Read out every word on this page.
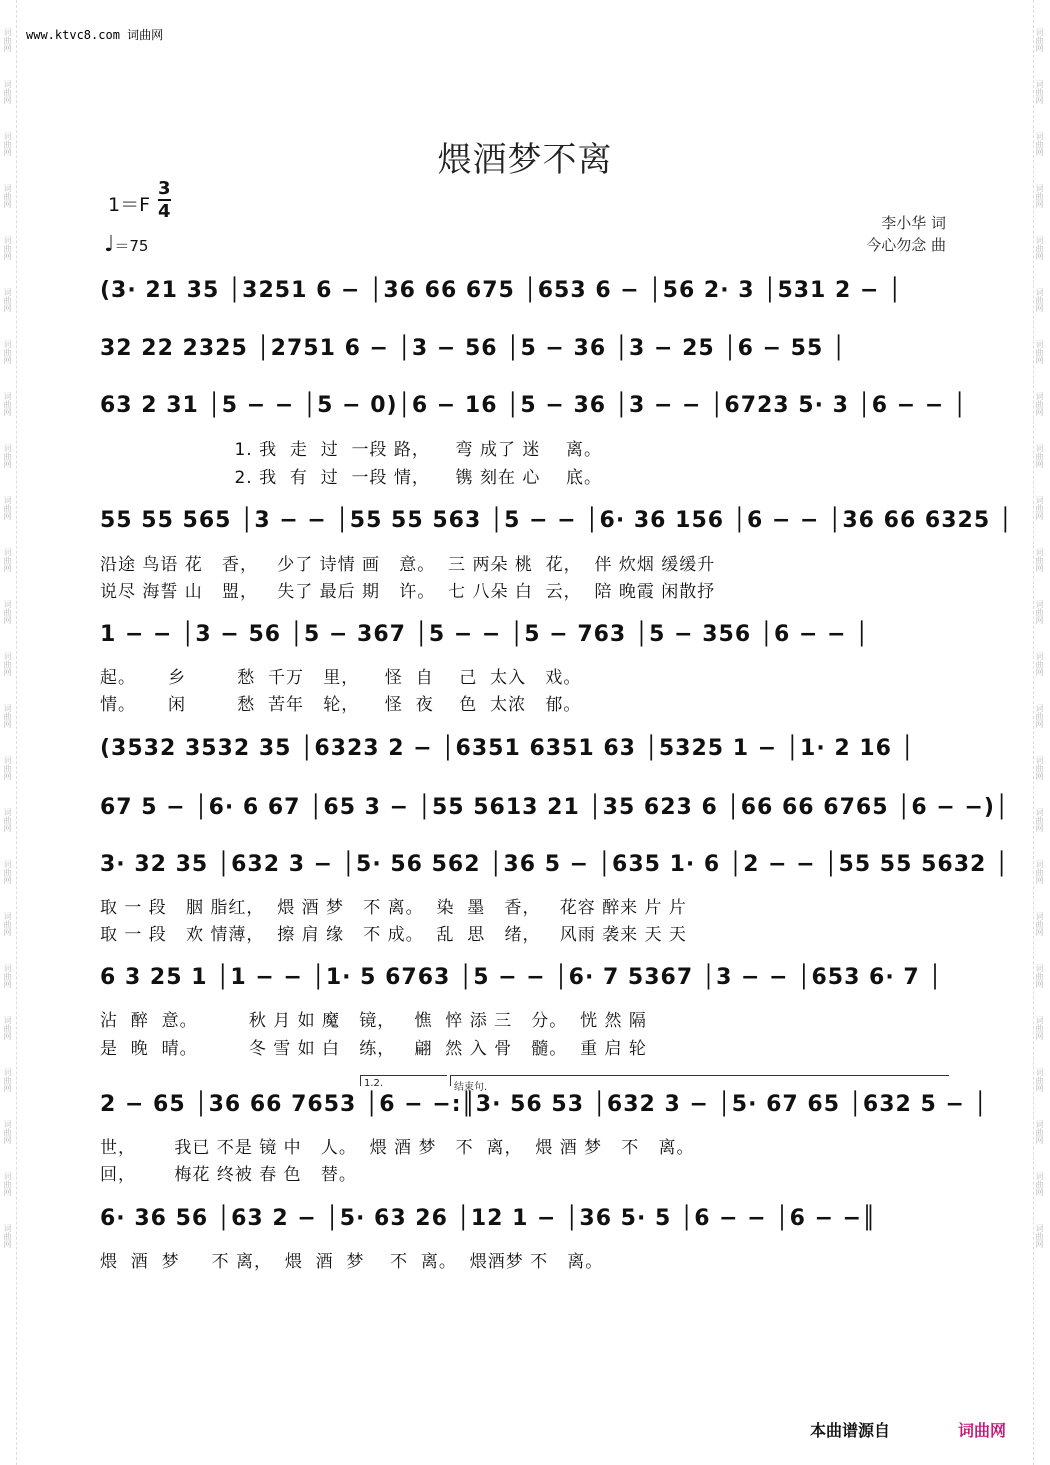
词曲网
词曲网
词曲网
词曲网
词曲网
词曲网
词曲网
词曲网
词曲网
词曲网
词曲网
词曲网
词曲网
词曲网
词曲网
词曲网
词曲网
词曲网
词曲网
词曲网
词曲网
词曲网
词曲网
词曲网
词曲网
词曲网
词曲网
词曲网
词曲网
词曲网
词曲网
词曲网
词曲网
词曲网
词曲网
词曲网
词曲网
词曲网
词曲网
词曲网
词曲网
词曲网
词曲网
词曲网
词曲网
词曲网
词曲网
词曲网
www.ktvc8.com 词曲网
煨酒梦不离
1＝F
3
4
♩＝75
李小华 词
今心勿念 曲
(3· 21 35 │3251 6 − │36 66 675 │653 6 − │56 2· 3 │531 2 − │
32 22 2325 │2751 6 − │3 − 56 │5 − 36 │3 − 25 │6 − 55 │
63 2 31 │5 − − │5 − 0)│6 − 16 │5 − 36 │3 − − │6723 5· 3 │6 − − │
1. 我  走  过  一段 路，    弯 成了 迷    离。
2. 我  有  过  一段 情，    镌 刻在 心    底。
55 55 565 │3 − − │55 55 563 │5 − − │6· 36 156 │6 − − │36 66 6325 │
沿途 鸟语 花   香，   少了 诗情 画   意。  三 两朵 桃  花，  伴 炊烟 缓缓升
说尽 海誓 山   盟，   失了 最后 期   许。  七 八朵 白  云，  陪 晚霞 闲散抒
1 − − │3 − 56 │5 − 367 │5 − − │5 − 763 │5 − 356 │6 − − │
起。     乡        愁  千万   里，    怪  自    己  太入   戏。
情。     闲        愁  苦年   轮，    怪  夜    色  太浓   郁。
(3532 3532 35 │6323 2 − │6351 6351 63 │5325 1 − │1· 2 16 │
67 5 − │6· 6 67 │65 3 − │55 5613 21 │35 623 6 │66 66 6765 │6 − −)│
3· 32 35 │632 3 − │5· 56 562 │36 5 − │635 1· 6 │2 − − │55 55 5632 │
取 一 段   胭 脂红，  煨 酒 梦   不 离。  染  墨   香，   花容 醉来 片 片
取 一 段   欢 情薄，  擦 肩 缘   不 成。  乱  思   绪，   风雨 袭来 天 天
6 3 25 1 │1 − − │1· 5 6763 │5 − − │6· 7 5367 │3 − − │653 6· 7 │
沾  醉  意。        秋 月 如 魔   镜，   憔  悴 添 三   分。  恍 然 隔
是  晚  晴。        冬 雪 如 白   练，   翩  然 入 骨   髓。  重 启 轮
1.2.	结束句.
2 − 65 │36 66 7653 │6 − −:║3· 56 53 │632 3 − │5· 67 65 │632 5 − │
世，      我已 不是 镜 中   人。  煨 酒 梦   不  离，  煨 酒 梦   不   离。
回，      梅花 终被 春 色   替。
6· 36 56 │63 2 − │5· 63 26 │12 1 − │36 5· 5 │6 − − │6 − −║
煨  酒  梦     不 离，  煨  酒  梦    不  离。  煨酒梦 不   离。
本曲谱源自	词曲网
